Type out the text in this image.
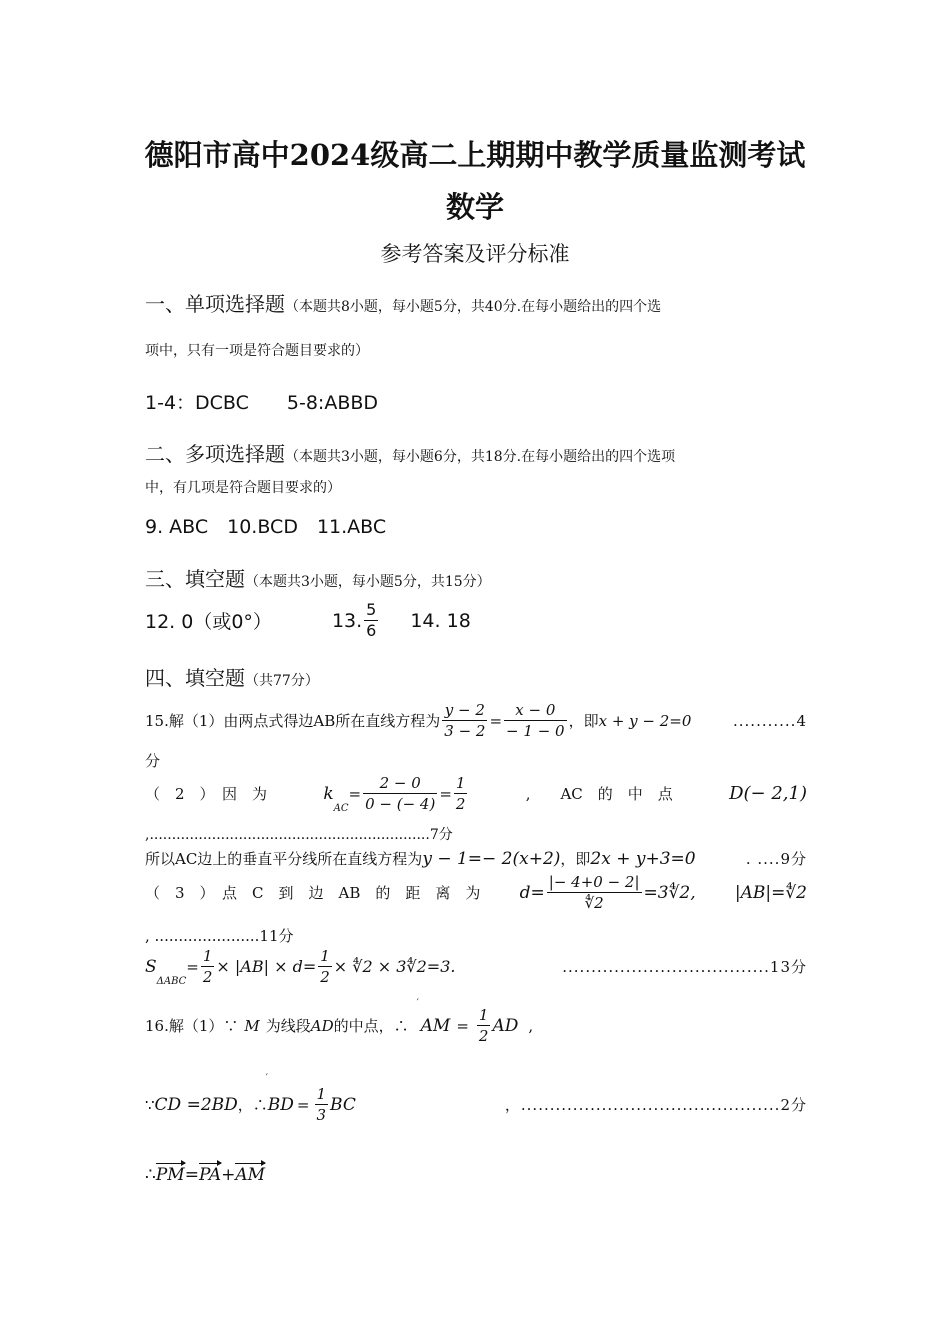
德阳市高中2024级高二上期期中教学质量监测考试
数学
参考答案及评分标准
一、单项选择题（本题共8小题，每小题5分，共40分.在每小题给出的四个选
项中，只有一项是符合题目要求的）
1-4：DCBC　　5-8:ABBD
二、多项选择题（本题共3小题，每小题6分，共18分.在每小题给出的四个选项
中，有几项是符合题目要求的）
9. ABC　10.BCD　11.ABC
三、填空题（本题共3小题，每小题5分，共15分）
12. 0（或0°）	13. $\frac{5}{6} 14$. 18
四、填空题（共77分）
15.解（1）由两点式得边AB所在直线方程为 $\frac{y - 2}{3 - 2} = \frac{x - 0}{- 1 - 0}$ ，即 x + y − 2=0	...........4
分
（　2　）　因　为	k
$_{AC}$
= $\frac{2 - 0}{0 - (- 4)} = \frac{1}{2}$	,　　AC　的　中　点	D(− 2,1)
,...............................................................7分
所以AC边上的垂直平分线所在直线方程为 y − 1=− 2(x+2) ，即 2x + y+3=0	. ....9分
（　3　）　点　C　到　边　AB　的　距　离　为 $d= \frac{|- 4+0 - 2|}{∜2}$ =3∜2, |AB|=∜2
, ......................11分
S
$_{\Delta ABC}$
= $\frac{1}{2} \times |AB| \times d= \frac{1}{2}$ × ∜2 × 3∜2=3.	....................................13分
16.解（1）∵ M 为线段 AD 的中点，∴
′
AM = $\frac{1}{2}$ AD ,
∵ CD =2BD ，∴
′
BD = $\frac{1}{3}$ BC	，.............................................2分
∴ PM = PA + AM
